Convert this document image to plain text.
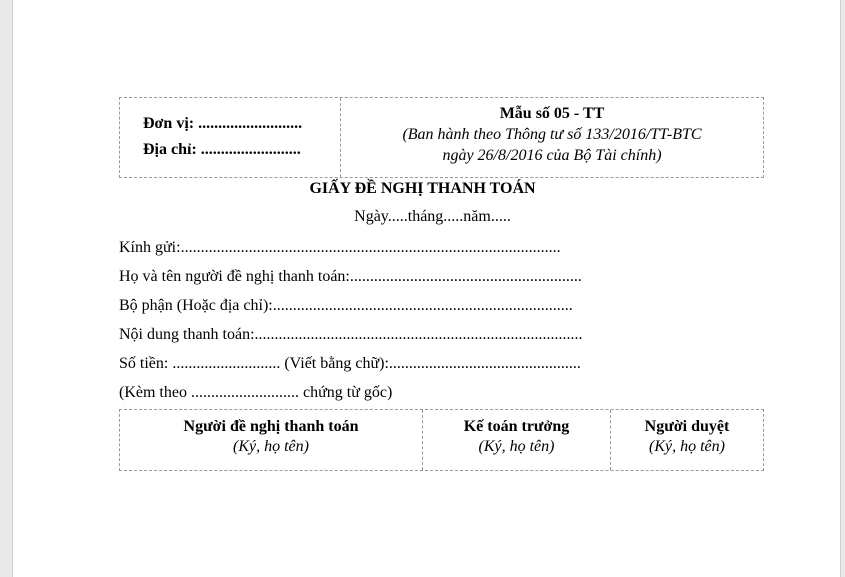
Đơn vị: ..........................
Địa chỉ: .........................
Mẫu số 05 - TT
(Ban hành theo Thông tư số 133/2016/TT-BTC
ngày 26/8/2016 của Bộ Tài chính)
GIẤY ĐỀ NGHỊ THANH TOÁN
Ngày.....tháng.....năm.....
Kính gửi:...............................................................................................
Họ và tên người đề nghị thanh toán:..........................................................
Bộ phận (Hoặc địa chỉ):...........................................................................
Nội dung thanh toán:..................................................................................
Số tiền: ........................... (Viết bằng chữ):................................................
(Kèm theo ........................... chứng từ gốc)
Người đề nghị thanh toán
(Ký, họ tên)
Kế toán trưởng
(Ký, họ tên)
Người duyệt
(Ký, họ tên)
